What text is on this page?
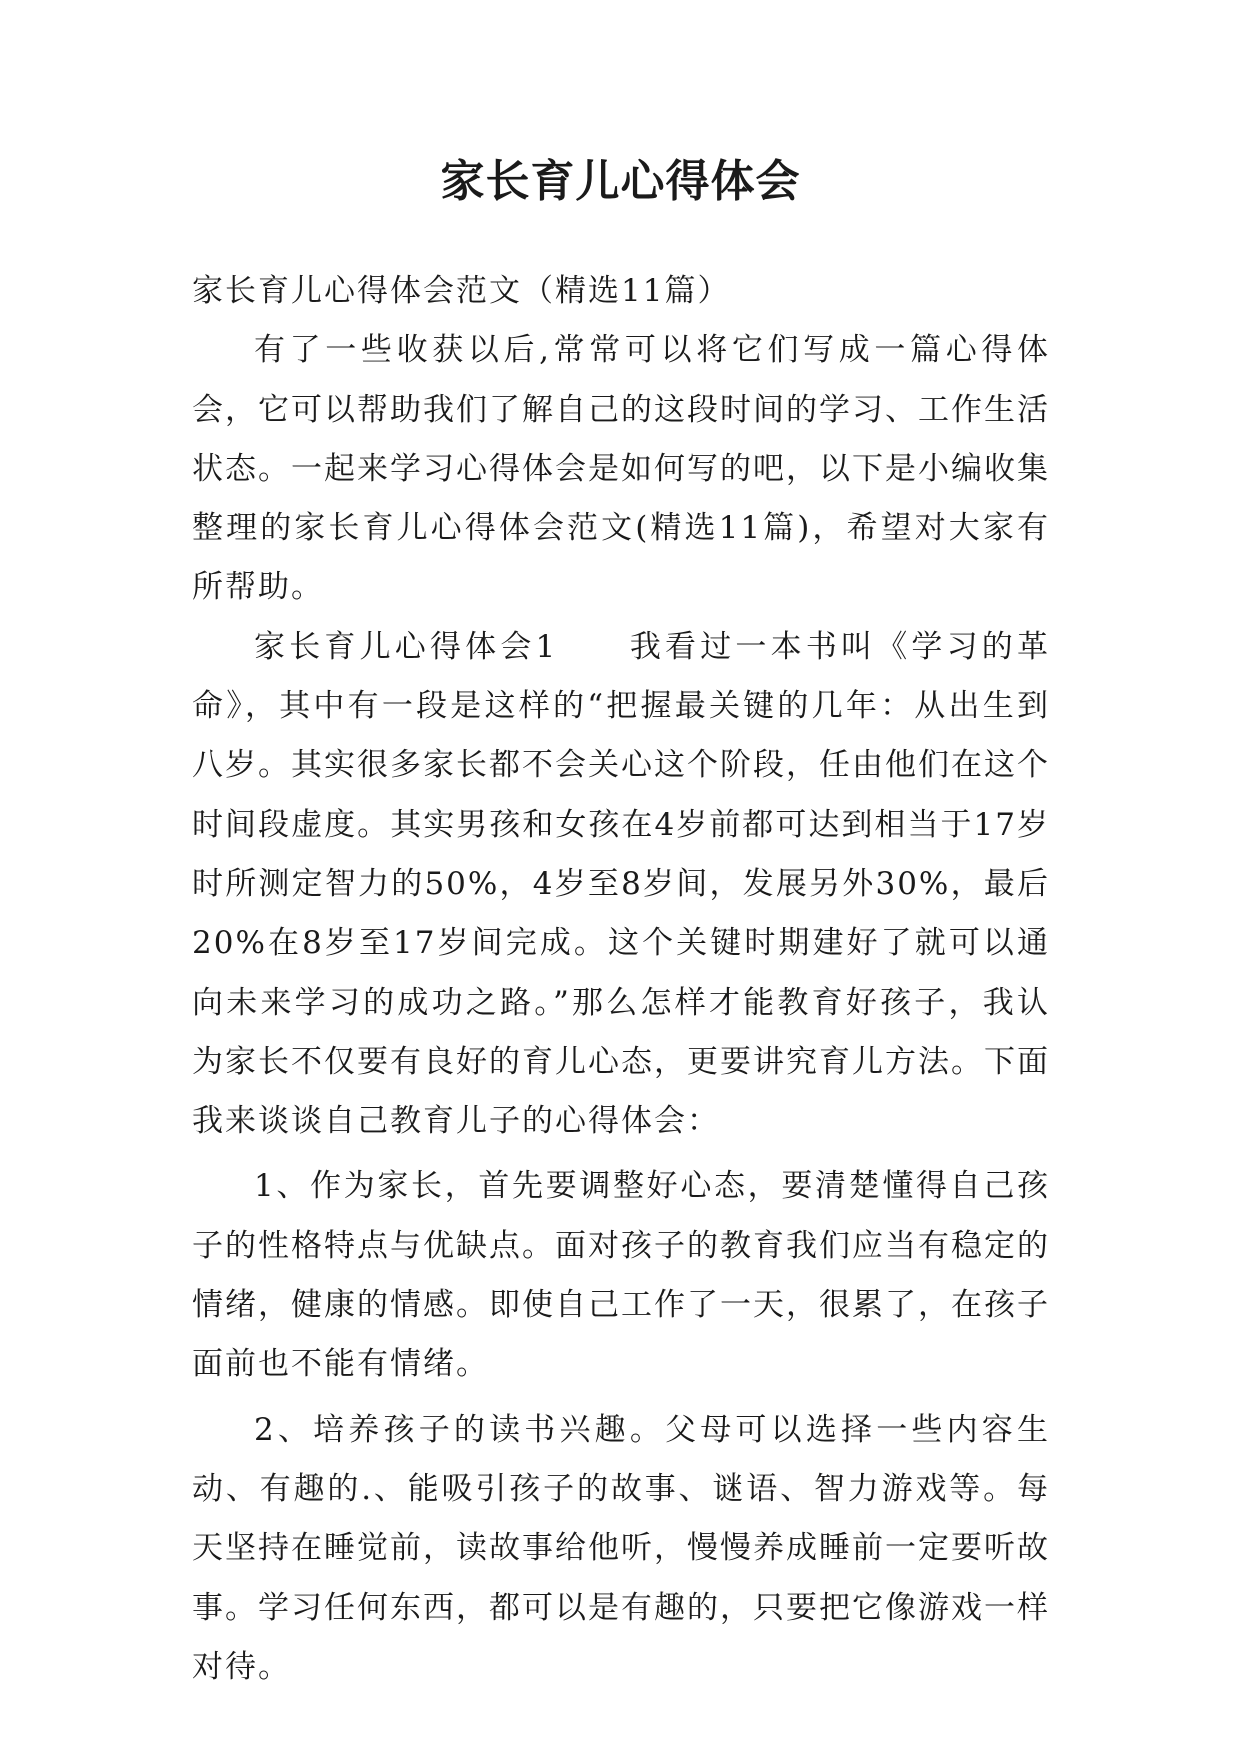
家长育儿心得体会

家长育儿心得体会范文（精选11篇）

有了一些收获以后,常常可以将它们写成一篇心得体会，它可以帮助我们了解自己的这段时间的学习、工作生活状态。一起来学习心得体会是如何写的吧，以下是小编收集整理的家长育儿心得体会范文(精选11篇)，希望对大家有所帮助。

家长育儿心得体会1　　我看过一本书叫《学习的革命》，其中有一段是这样的“把握最关键的几年：从出生到八岁。其实很多家长都不会关心这个阶段，任由他们在这个时间段虚度。其实男孩和女孩在4岁前都可达到相当于17岁时所测定智力的50%，4岁至8岁间，发展另外30%，最后20%在8岁至17岁间完成。这个关键时期建好了就可以通向未来学习的成功之路。”那么怎样才能教育好孩子，我认为家长不仅要有良好的育儿心态，更要讲究育儿方法。下面我来谈谈自己教育儿子的心得体会：

1、作为家长，首先要调整好心态，要清楚懂得自己孩子的性格特点与优缺点。面对孩子的教育我们应当有稳定的情绪，健康的情感。即使自己工作了一天，很累了，在孩子面前也不能有情绪。

2、培养孩子的读书兴趣。父母可以选择一些内容生动、有趣的.、能吸引孩子的故事、谜语、智力游戏等。每天坚持在睡觉前，读故事给他听，慢慢养成睡前一定要听故事。学习任何东西，都可以是有趣的，只要把它像游戏一样对待。
